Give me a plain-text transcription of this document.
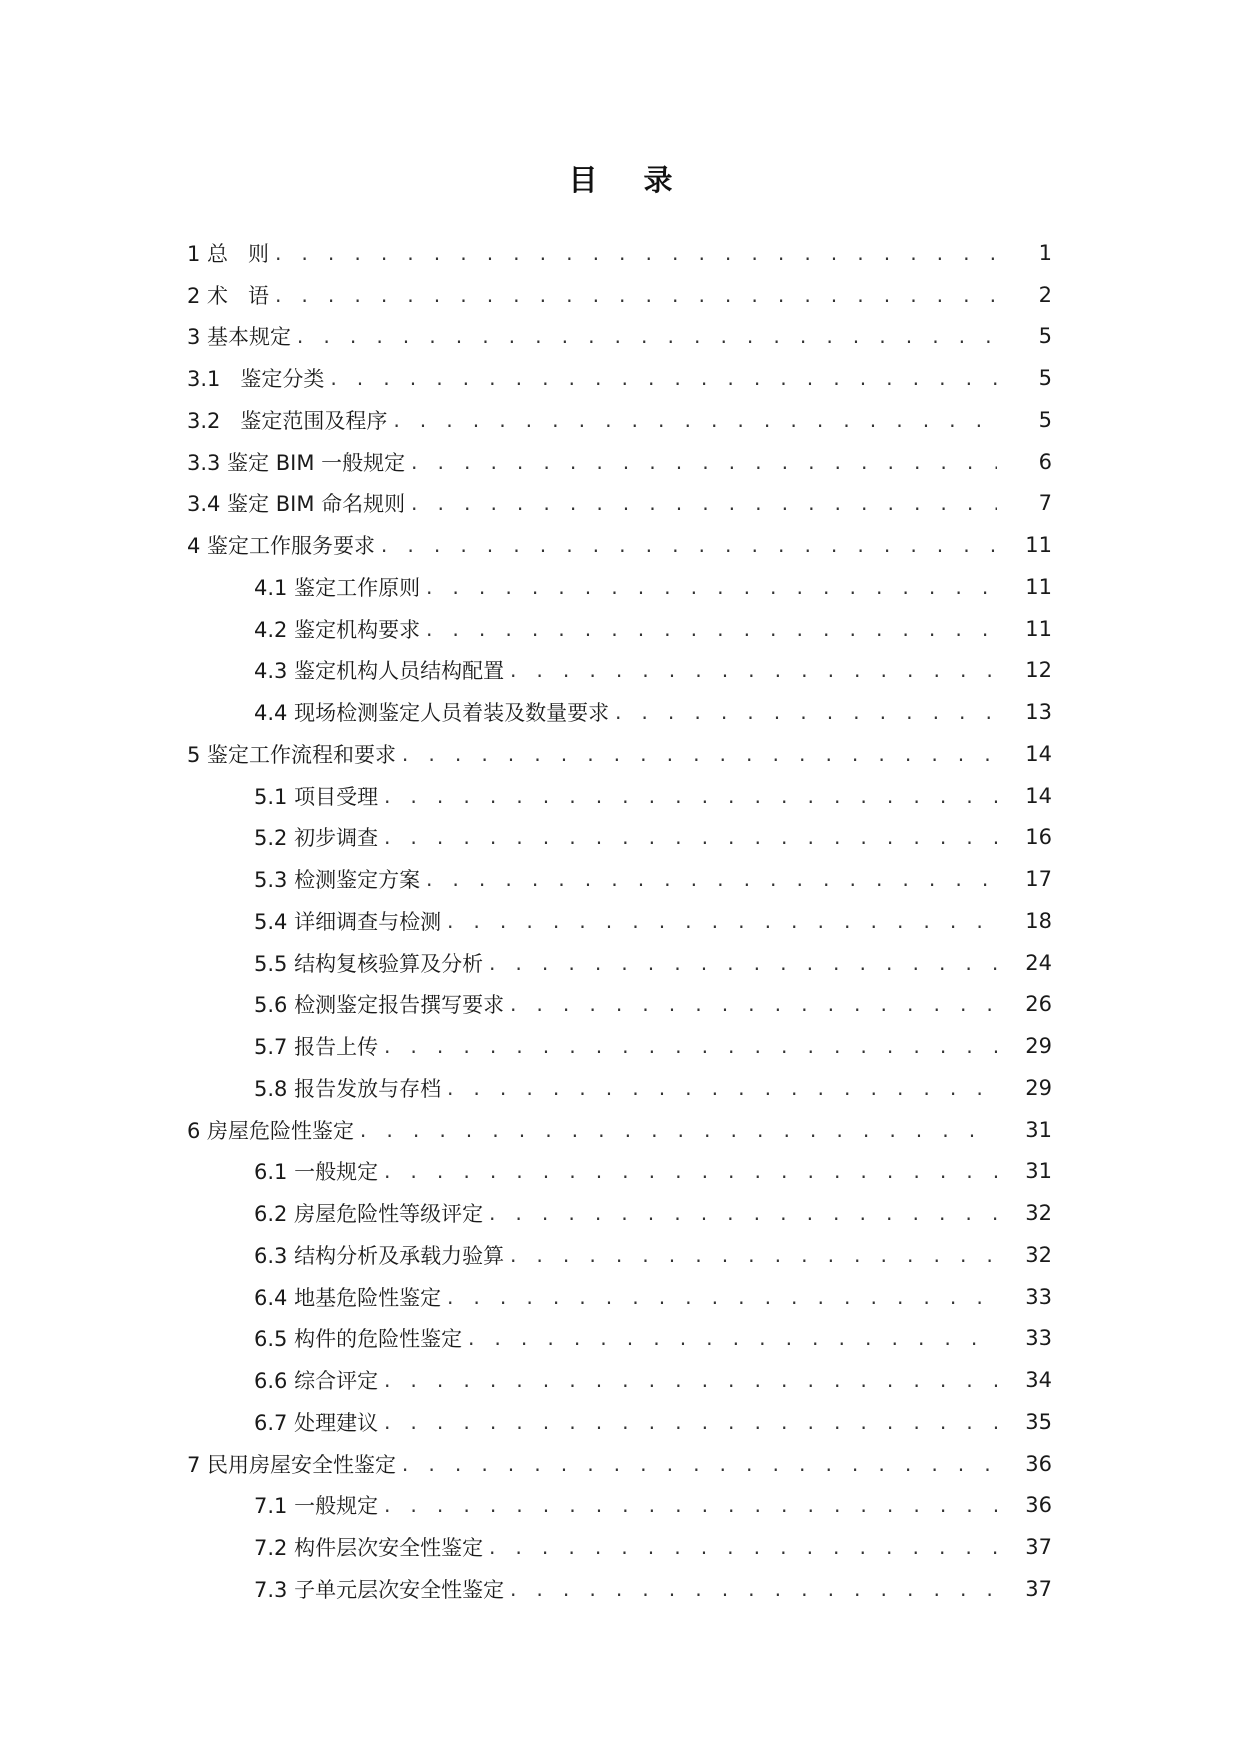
目 录
1 总   则 . . .	1
2 术   语 . . .	2
3 基本规定 . . .	5
3.1   鉴定分类 . . .	5
3.2   鉴定范围及程序 . . .	5
3.3 鉴定 BIM 一般规定 . . .	6
3.4 鉴定 BIM 命名规则 . . .	7
4 鉴定工作服务要求 . . .	11
4.1 鉴定工作原则 . . .	11
4.2 鉴定机构要求 . . .	11
4.3 鉴定机构人员结构配置 . . .	12
4.4 现场检测鉴定人员着装及数量要求 . . .	13
5 鉴定工作流程和要求 . . .	14
5.1 项目受理 . . .	14
5.2 初步调查 . . .	16
5.3 检测鉴定方案 . . .	17
5.4 详细调查与检测 . . .	18
5.5 结构复核验算及分析 . . .	24
5.6 检测鉴定报告撰写要求 . . .	26
5.7 报告上传 . . .	29
5.8 报告发放与存档 . . .	29
6 房屋危险性鉴定 . . .	31
6.1 一般规定 . . .	31
6.2 房屋危险性等级评定 . . .	32
6.3 结构分析及承载力验算 . . .	32
6.4 地基危险性鉴定 . . .	33
6.5 构件的危险性鉴定 . . .	33
6.6 综合评定 . . .	34
6.7 处理建议 . . .	35
7 民用房屋安全性鉴定 . . .	36
7.1 一般规定 . . .	36
7.2 构件层次安全性鉴定 . . .	37
7.3 子单元层次安全性鉴定 . . .	37
